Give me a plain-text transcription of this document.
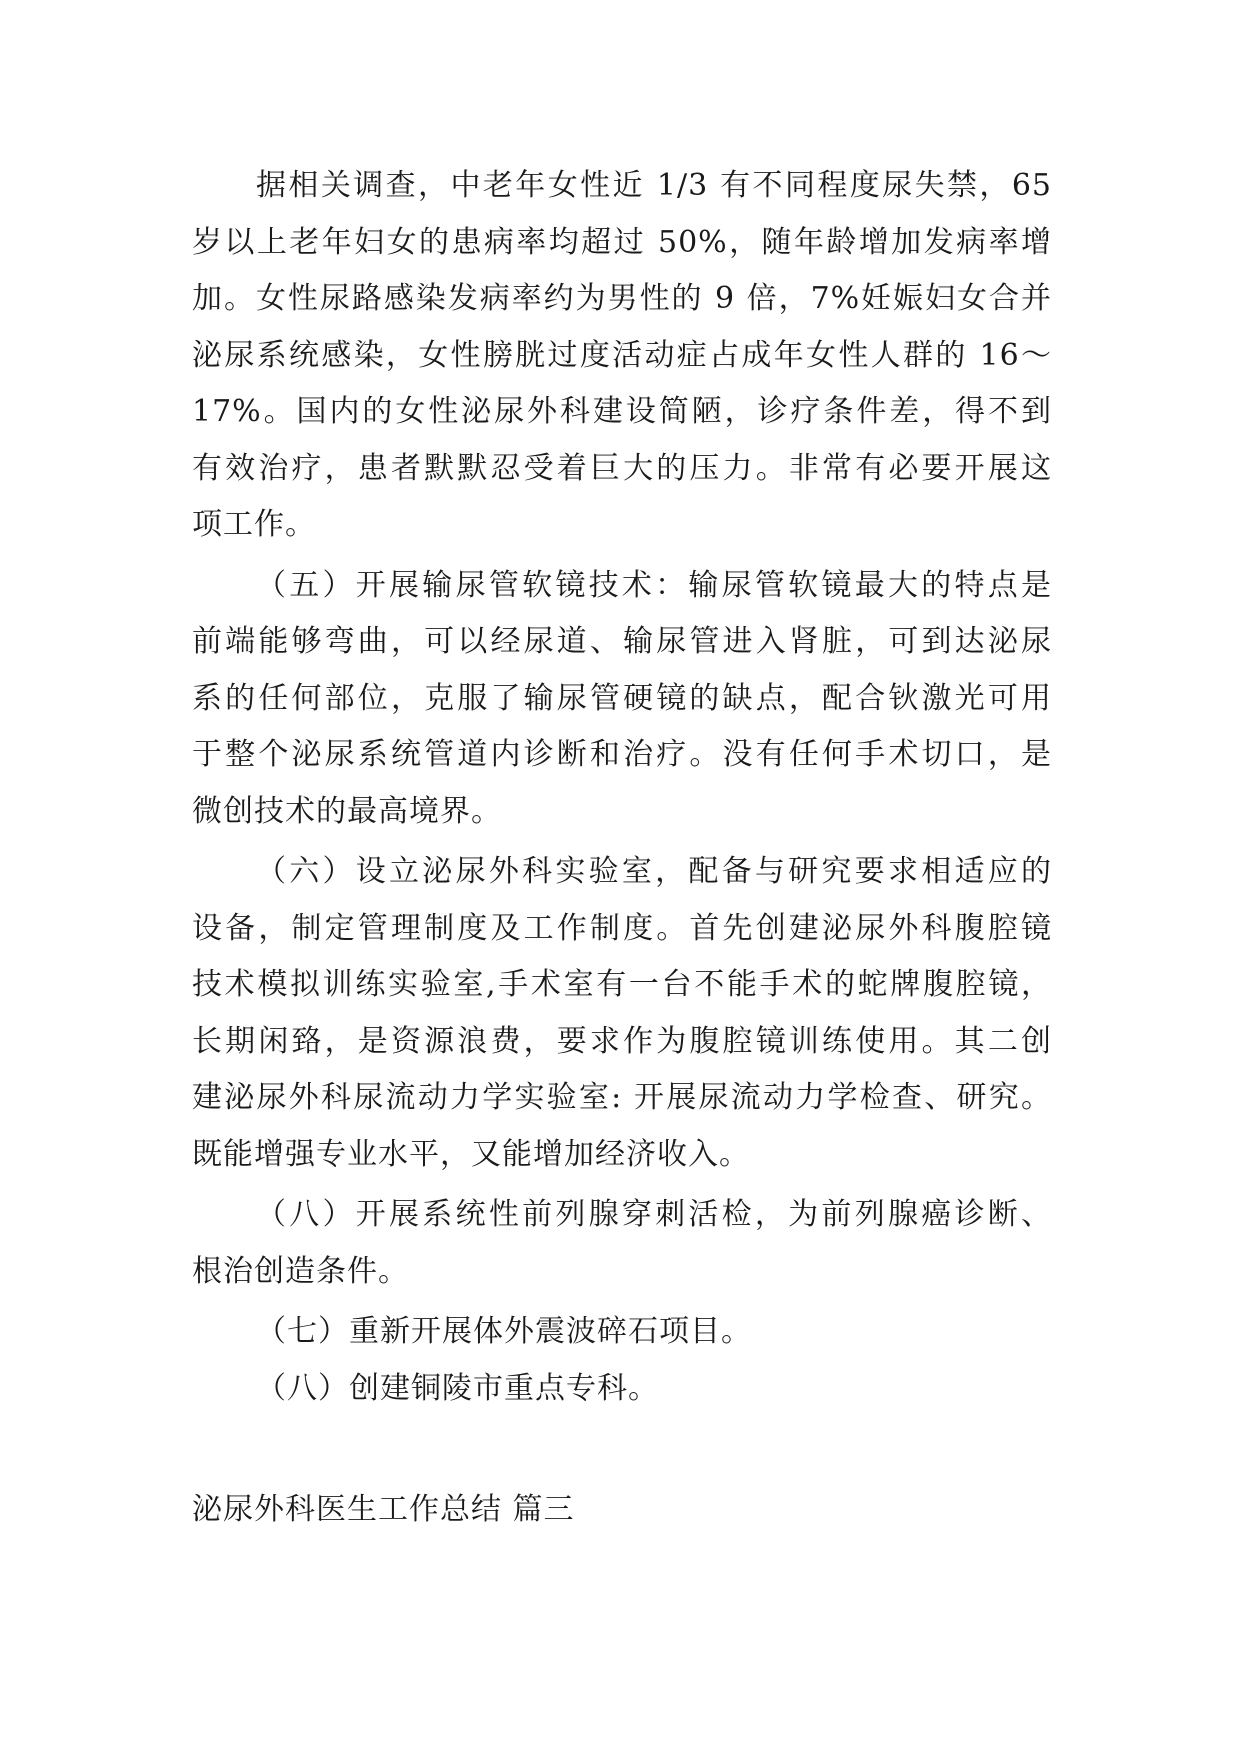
据相关调查，中老年女性近 1/3 有不同程度尿失禁，65
岁以上老年妇女的患病率均超过 50%，随年龄增加发病率增
加。女性尿路感染发病率约为男性的 9 倍，7%妊娠妇女合并
泌尿系统感染，女性膀胱过度活动症占成年女性人群的 16～
17%。国内的女性泌尿外科建设简陋，诊疗条件差，得不到
有效治疗，患者默默忍受着巨大的压力。非常有必要开展这
项工作。
（五）开展输尿管软镜技术：输尿管软镜最大的特点是
前端能够弯曲，可以经尿道、输尿管进入肾脏，可到达泌尿
系的任何部位，克服了输尿管硬镜的缺点，配合钬激光可用
于整个泌尿系统管道内诊断和治疗。没有任何手术切口，是
微创技术的最高境界。
（六）设立泌尿外科实验室，配备与研究要求相适应的
设备，制定管理制度及工作制度。首先创建泌尿外科腹腔镜
技术模拟训练实验室,手术室有一台不能手术的蛇牌腹腔镜，
长期闲臵，是资源浪费，要求作为腹腔镜训练使用。其二创
建泌尿外科尿流动力学实验室: 开展尿流动力学检查、研究。
既能增强专业水平，又能增加经济收入。
（八）开展系统性前列腺穿刺活检，为前列腺癌诊断、
根治创造条件。
（七）重新开展体外震波碎石项目。
（八）创建铜陵市重点专科。
泌尿外科医生工作总结 篇三
